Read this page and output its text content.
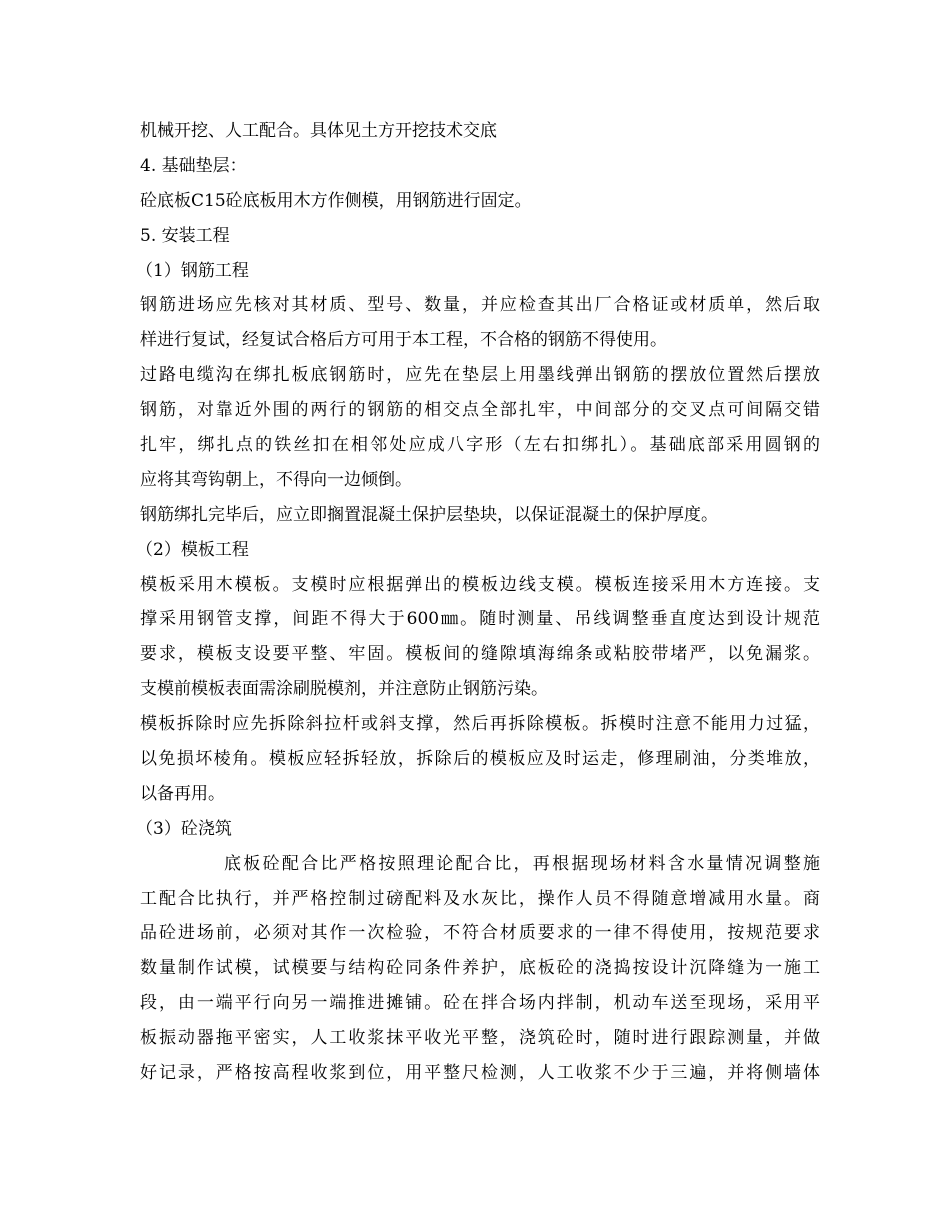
机械开挖、人工配合。具体见土方开挖技术交底
4. 基础垫层：
砼底板C15砼底板用木方作侧模，用钢筋进行固定。
5. 安装工程
（1）钢筋工程
钢筋进场应先核对其材质、型号、数量，并应检查其出厂合格证或材质单，然后取
样进行复试，经复试合格后方可用于本工程，不合格的钢筋不得使用。
过路电缆沟在绑扎板底钢筋时，应先在垫层上用墨线弹出钢筋的摆放位置然后摆放
钢筋，对靠近外围的两行的钢筋的相交点全部扎牢，中间部分的交叉点可间隔交错
扎牢，绑扎点的铁丝扣在相邻处应成八字形（左右扣绑扎）。基础底部采用圆钢的
应将其弯钩朝上，不得向一边倾倒。
钢筋绑扎完毕后，应立即搁置混凝土保护层垫块，以保证混凝土的保护厚度。
（2）模板工程
模板采用木模板。支模时应根据弹出的模板边线支模。模板连接采用木方连接。支
撑采用钢管支撑，间距不得大于600㎜。随时测量、吊线调整垂直度达到设计规范
要求，模板支设要平整、牢固。模板间的缝隙填海绵条或粘胶带堵严，以免漏浆。
支模前模板表面需涂刷脱模剂，并注意防止钢筋污染。
模板拆除时应先拆除斜拉杆或斜支撑，然后再拆除模板。拆模时注意不能用力过猛，
以免损坏棱角。模板应轻拆轻放，拆除后的模板应及时运走，修理刷油，分类堆放，
以备再用。
（3）砼浇筑
底板砼配合比严格按照理论配合比，再根据现场材料含水量情况调整施
工配合比执行，并严格控制过磅配料及水灰比，操作人员不得随意增减用水量。商
品砼进场前，必须对其作一次检验，不符合材质要求的一律不得使用，按规范要求
数量制作试模，试模要与结构砼同条件养护，底板砼的浇捣按设计沉降缝为一施工
段，由一端平行向另一端推进摊铺。砼在拌合场内拌制，机动车送至现场，采用平
板振动器拖平密实，人工收浆抹平收光平整，浇筑砼时，随时进行跟踪测量，并做
好记录，严格按高程收浆到位，用平整尺检测，人工收浆不少于三遍，并将侧墙体
